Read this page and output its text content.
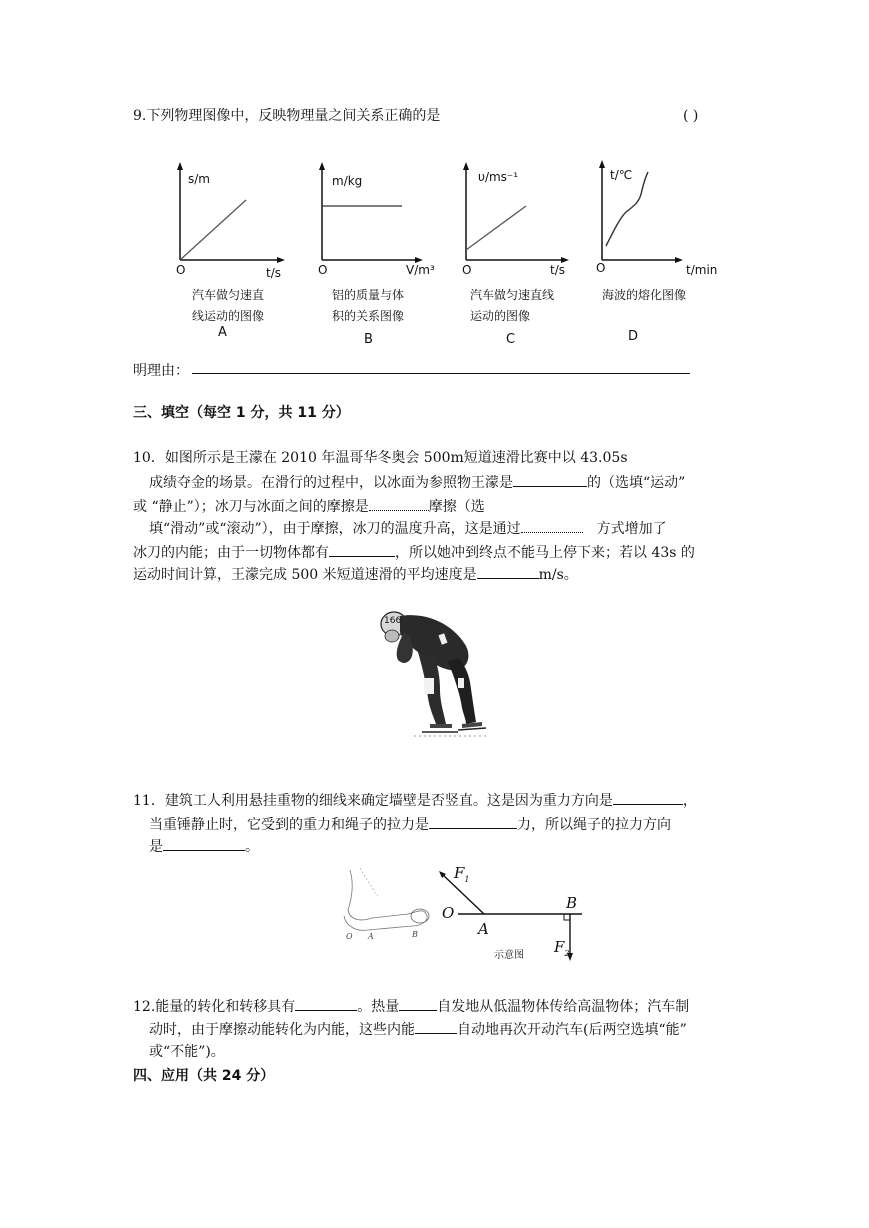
9.下列物理图像中，反映物理量之间关系正确的是	( )
s/m
O	t/s
汽车做匀速直
线运动的图像
A
m/kg
O	V/m³
铝的质量与体
积的关系图像
B
υ/ms⁻¹
O	t/s
汽车做匀速直线
运动的图像
C
t/℃
O	t/min
海波的熔化图像
D
明理由：
三、填空（每空 1 分，共 11 分）
10．如图所示是王濛在 2010 年温哥华冬奥会 500m短道速滑比赛中以 43.05s
成绩夺金的场景。在滑行的过程中，以冰面为参照物王濛是	的（选填“运动”
或 “静止”）；冰刀与冰面之间的摩擦是	摩擦（选
填“滑动”或“滚动”），由于摩擦，冰刀的温度升高，这是通过	方式增加了
冰刀的内能；由于一切物体都有	，所以她冲到终点不能马上停下来；若以 43s 的
运动时间计算，王濛完成 500 米短道速滑的平均速度是	m/s。
166
11．建筑工人利用悬挂重物的细线来确定墙壁是否竖直。这是因为重力方向是	，
当重锤静止时，它受到的重力和绳子的拉力是	力，所以绳子的拉力方向
是	。
$F_1$
O
A
B
$F_2$
示意图
O A	B
12.能量的转化和转移具有	。热量	自发地从低温物体传给高温物体；汽车制
动时，由于摩擦动能转化为内能，这些内能	自动地再次开动汽车(后两空选填“能”
或“不能”)。
四、应用（共 24 分）
